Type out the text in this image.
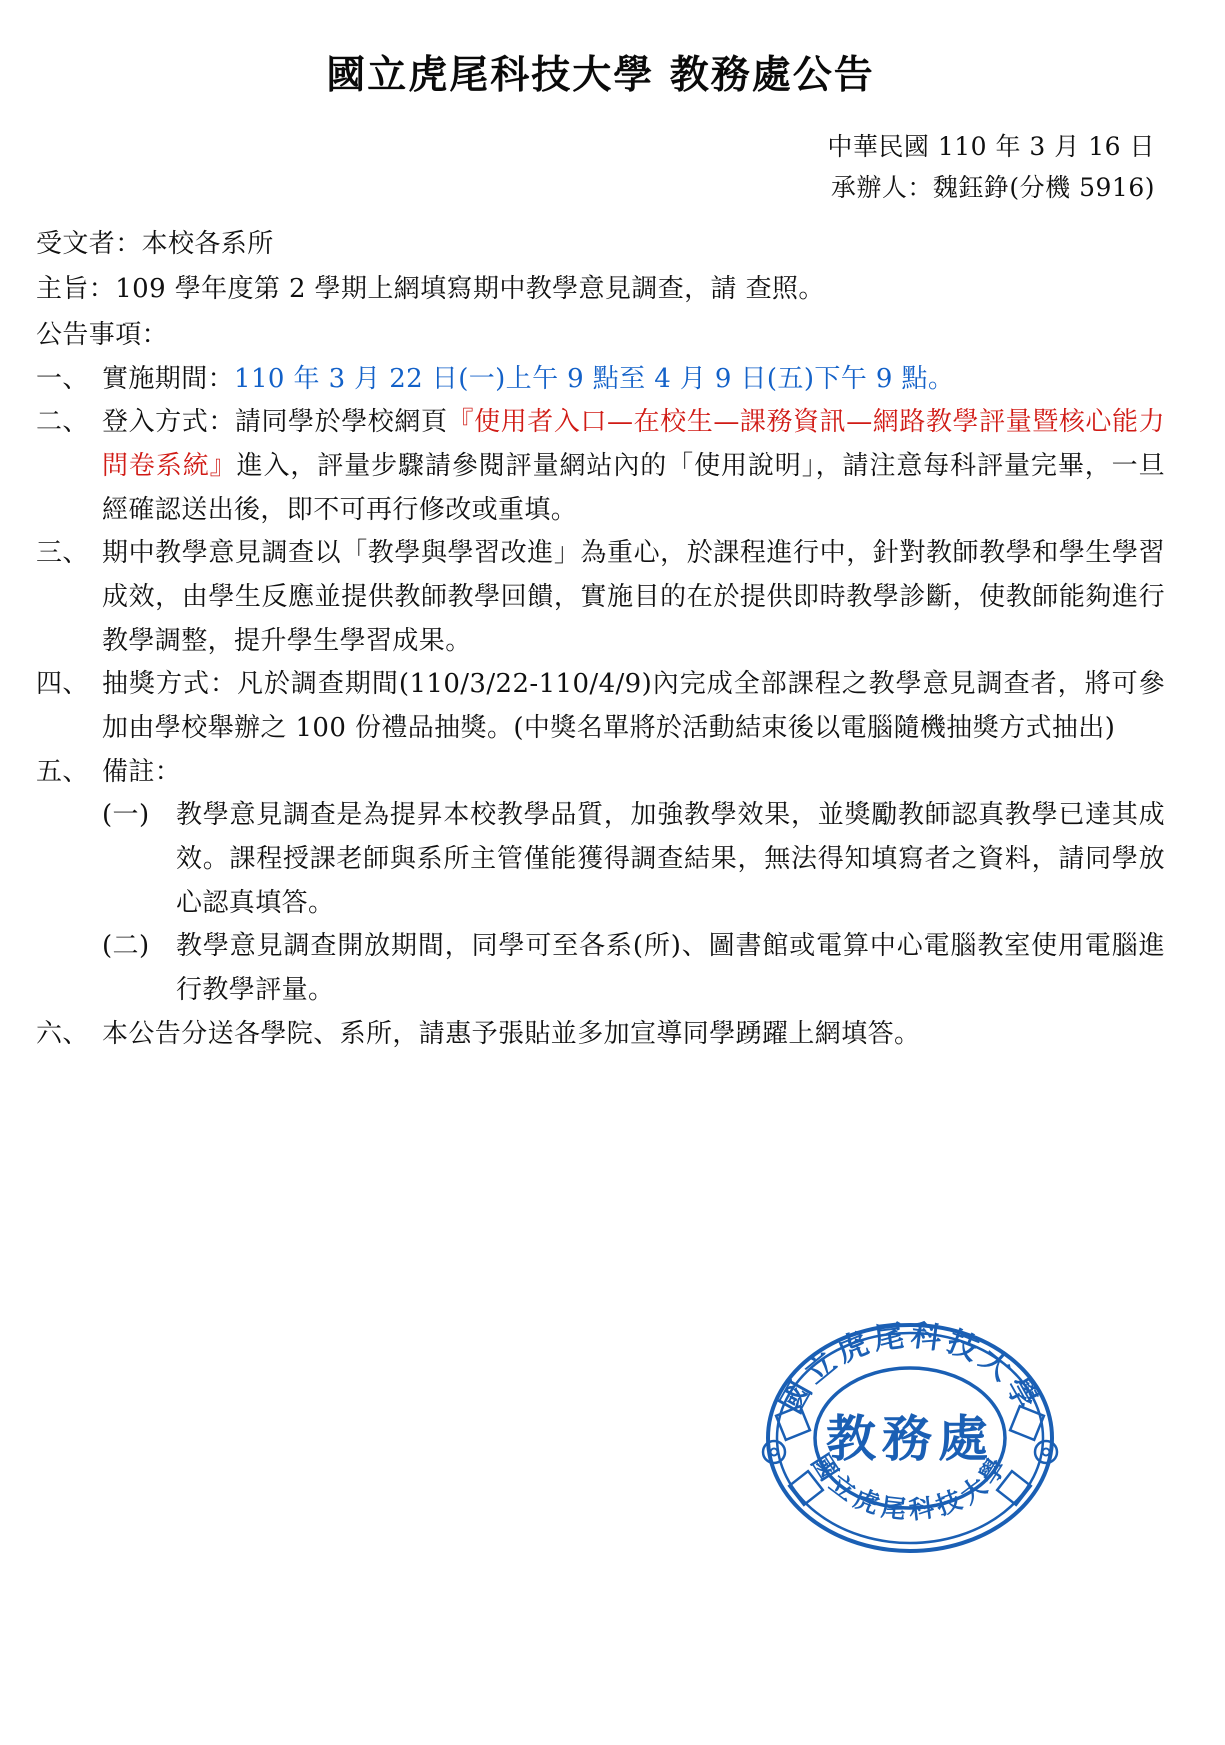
國立虎尾科技大學 教務處公告
中華民國 110 年 3 月 16 日
承辦人：魏鈺錚(分機 5916)
受文者：本校各系所
主旨：109 學年度第 2 學期上網填寫期中教學意見調查，請 查照。
公告事項：
一、 實施期間：110 年 3 月 22 日(一)上午 9 點至 4 月 9 日(五)下午 9 點。
二、 登入方式：請同學於學校網頁『使用者入口—在校生—課務資訊—網路教學評量暨核心能力問卷系統』進入，評量步驟請參閱評量網站內的「使用說明」，請注意每科評量完畢，一旦經確認送出後，即不可再行修改或重填。
三、 期中教學意見調查以「教學與學習改進」為重心，於課程進行中，針對教師教學和學生學習成效，由學生反應並提供教師教學回饋，實施目的在於提供即時教學診斷，使教師能夠進行教學調整，提升學生學習成果。
四、 抽獎方式：凡於調查期間(110/3/22-110/4/9)內完成全部課程之教學意見調查者，將可參加由學校舉辦之 100 份禮品抽獎。(中獎名單將於活動結束後以電腦隨機抽獎方式抽出)
五、 備註：
(一)	教學意見調查是為提昇本校教學品質，加強教學效果，並獎勵教師認真教學已達其成效。課程授課老師與系所主管僅能獲得調查結果，無法得知填寫者之資料，請同學放心認真填答。
(二)	教學意見調查開放期間，同學可至各系(所)、圖書館或電算中心電腦教室使用電腦進行教學評量。
六、 本公告分送各學院、系所，請惠予張貼並多加宣導同學踴躍上網填答。
國立虎尾科技大學
國立虎尾科技大學
教務處
